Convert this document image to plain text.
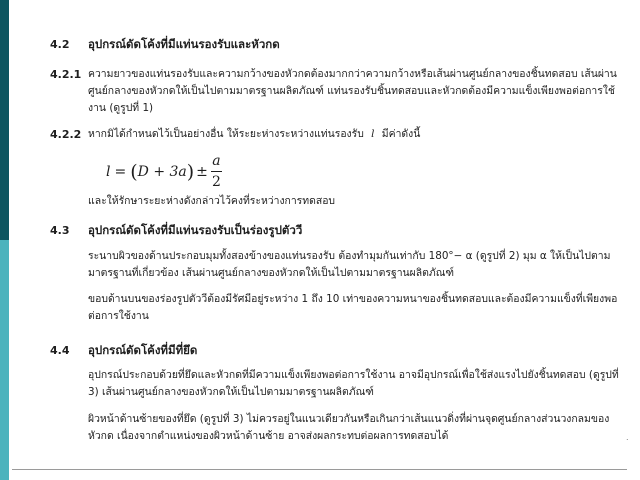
4.2 อุปกรณ์ดัดโค้งที่มีแท่นรองรับและหัวกด
4.2.1 ความยาวของแท่นรองรับและความกว้างของหัวกดต้องมากกว่าความกว้างหรือเส้นผ่านศูนย์กลางของชิ้นทดสอบ เส้นผ่านศูนย์กลางของหัวกดให้เป็นไปตามมาตรฐานผลิตภัณฑ์ แท่นรองรับชิ้นทดสอบและหัวกดต้องมีความแข็งเพียงพอต่อการใช้งาน (ดูรูปที่ 1)
4.2.2 หากมิได้กำหนดไว้เป็นอย่างอื่น ให้ระยะห่างระหว่างแท่นรองรับ l มีค่าดังนี้
l = ( D + 3a ) ± $\frac{a}{2}$
และให้รักษาระยะห่างดังกล่าวไว้คงที่ระหว่างการทดสอบ
4.3 อุปกรณ์ดัดโค้งที่มีแท่นรองรับเป็นร่องรูปตัววี
ระนาบผิวของด้านประกอบมุมทั้งสองข้างของแท่นรองรับ ต้องทำมุมกันเท่ากับ 180°− α (ดูรูปที่ 2) มุม α ให้เป็นไปตามมาตรฐานที่เกี่ยวข้อง เส้นผ่านศูนย์กลางของหัวกดให้เป็นไปตามมาตรฐานผลิตภัณฑ์
ขอบด้านบนของร่องรูปตัววีต้องมีรัศมีอยู่ระหว่าง 1 ถึง 10 เท่าของความหนาของชิ้นทดสอบและต้องมีความแข็งที่เพียงพอต่อการใช้งาน
4.4 อุปกรณ์ดัดโค้งที่มีที่ยึด
อุปกรณ์ประกอบด้วยที่ยึดและหัวกดที่มีความแข็งเพียงพอต่อการใช้งาน อาจมีอุปกรณ์เพื่อใช้ส่งแรงไปยังชิ้นทดสอบ (ดูรูปที่ 3) เส้นผ่านศูนย์กลางของหัวกดให้เป็นไปตามมาตรฐานผลิตภัณฑ์
ผิวหน้าด้านซ้ายของที่ยึด (ดูรูปที่ 3) ไม่ควรอยู่ในแนวเดียวกันหรือเกินกว่าเส้นแนวดิ่งที่ผ่านจุดศูนย์กลางส่วนวงกลมของหัวกด เนื่องจากตำแหน่งของผิวหน้าด้านซ้าย อาจส่งผลกระทบต่อผลการทดสอบได้	.
